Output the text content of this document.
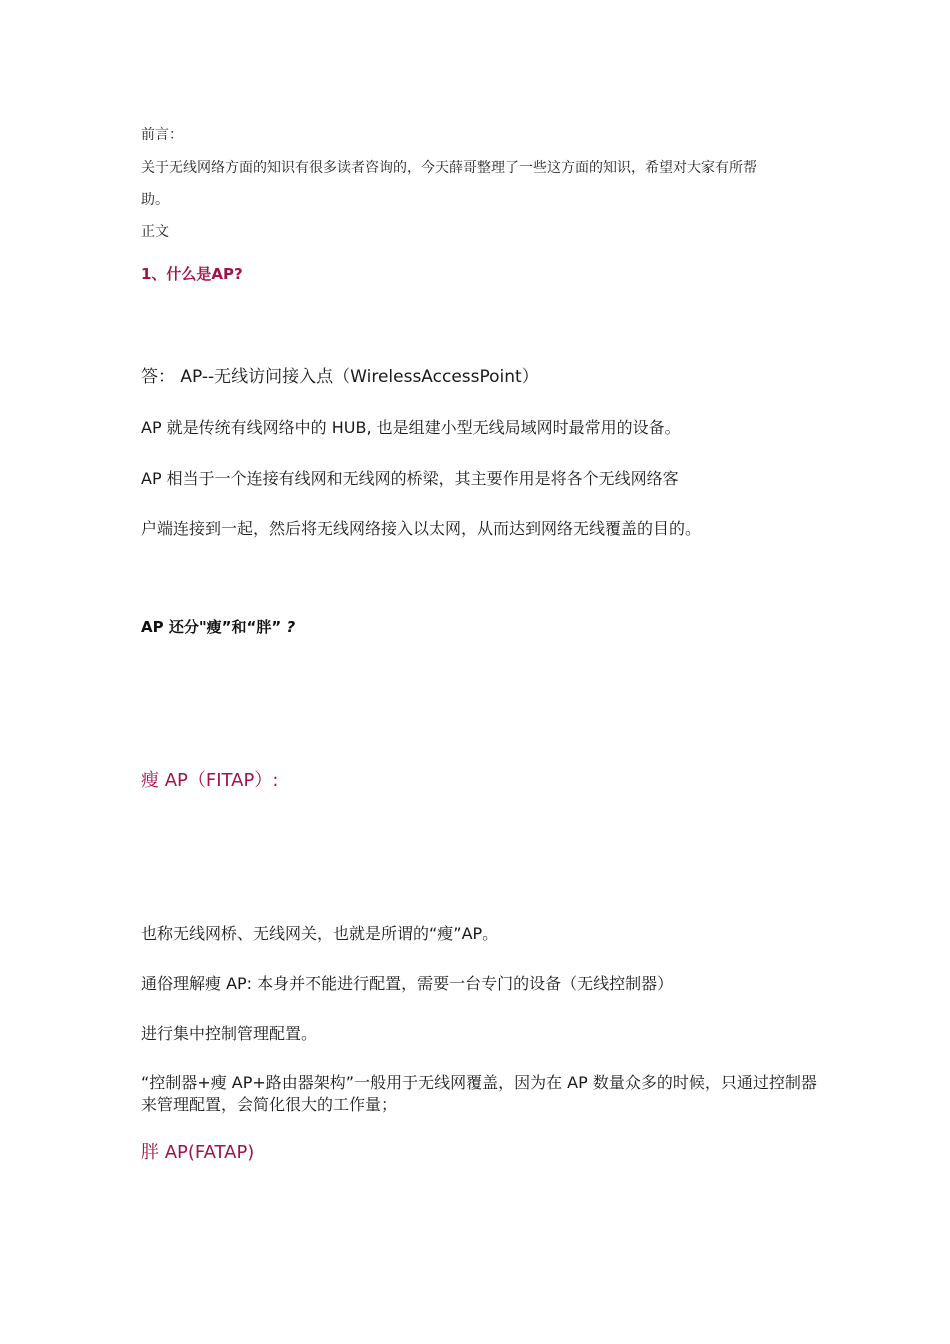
前言：

关于无线网络方面的知识有很多读者咨询的，今天薛哥整理了一些这方面的知识，希望对大家有所帮

助。

正文

1、什么是AP?

答： AP--无线访问接入点（WirelessAccessPoint）

AP 就是传统有线网络中的 HUB, 也是组建小型无线局域网时最常用的设备。

AP 相当于一个连接有线网和无线网的桥梁，其主要作用是将各个无线网络客

户端连接到一起，然后将无线网络接入以太网，从而达到网络无线覆盖的目的。

AP 还分"瘦”和“胖” ?

瘦 AP（FITAP）:

也称无线网桥、无线网关，也就是所谓的“瘦”AP。

通俗理解瘦 AP: 本身并不能进行配置，需要一台专门的设备（无线控制器）

进行集中控制管理配置。

“控制器+瘦 AP+路由器架构”一般用于无线网覆盖，因为在 AP 数量众多的时候，只通过控制器来管理配置，会简化很大的工作量；

胖 AP(FATAP)
